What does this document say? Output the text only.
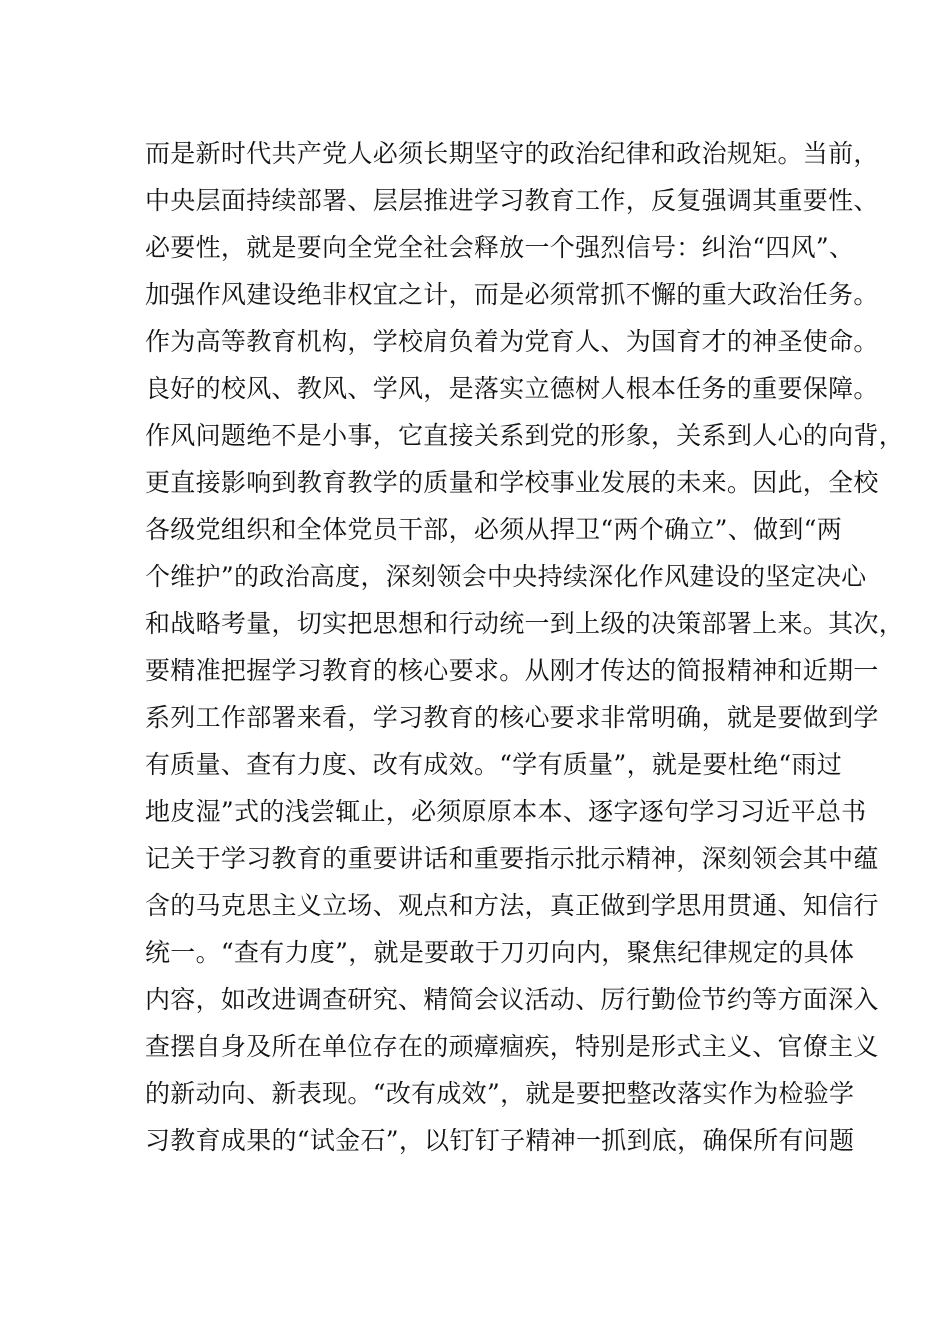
而是新时代共产党人必须长期坚守的政治纪律和政治规矩。当前，
中央层面持续部署、层层推进学习教育工作，反复强调其重要性、
必要性，就是要向全党全社会释放一个强烈信号：纠治“四风”、
加强作风建设绝非权宜之计，而是必须常抓不懈的重大政治任务。
作为高等教育机构，学校肩负着为党育人、为国育才的神圣使命。
良好的校风、教风、学风，是落实立德树人根本任务的重要保障。
作风问题绝不是小事，它直接关系到党的形象，关系到人心的向背，
更直接影响到教育教学的质量和学校事业发展的未来。因此，全校
各级党组织和全体党员干部，必须从捍卫“两个确立”、做到“两
个维护”的政治高度，深刻领会中央持续深化作风建设的坚定决心
和战略考量，切实把思想和行动统一到上级的决策部署上来。其次，
要精准把握学习教育的核心要求。从刚才传达的简报精神和近期一
系列工作部署来看，学习教育的核心要求非常明确，就是要做到学
有质量、查有力度、改有成效。“学有质量”，就是要杜绝“雨过
地皮湿”式的浅尝辄止，必须原原本本、逐字逐句学习习近平总书
记关于学习教育的重要讲话和重要指示批示精神，深刻领会其中蕴
含的马克思主义立场、观点和方法，真正做到学思用贯通、知信行
统一。“查有力度”，就是要敢于刀刃向内，聚焦纪律规定的具体
内容，如改进调查研究、精简会议活动、厉行勤俭节约等方面深入
查摆自身及所在单位存在的顽瘴痼疾，特别是形式主义、官僚主义
的新动向、新表现。“改有成效”，就是要把整改落实作为检验学
习教育成果的“试金石”，以钉钉子精神一抓到底，确保所有问题
